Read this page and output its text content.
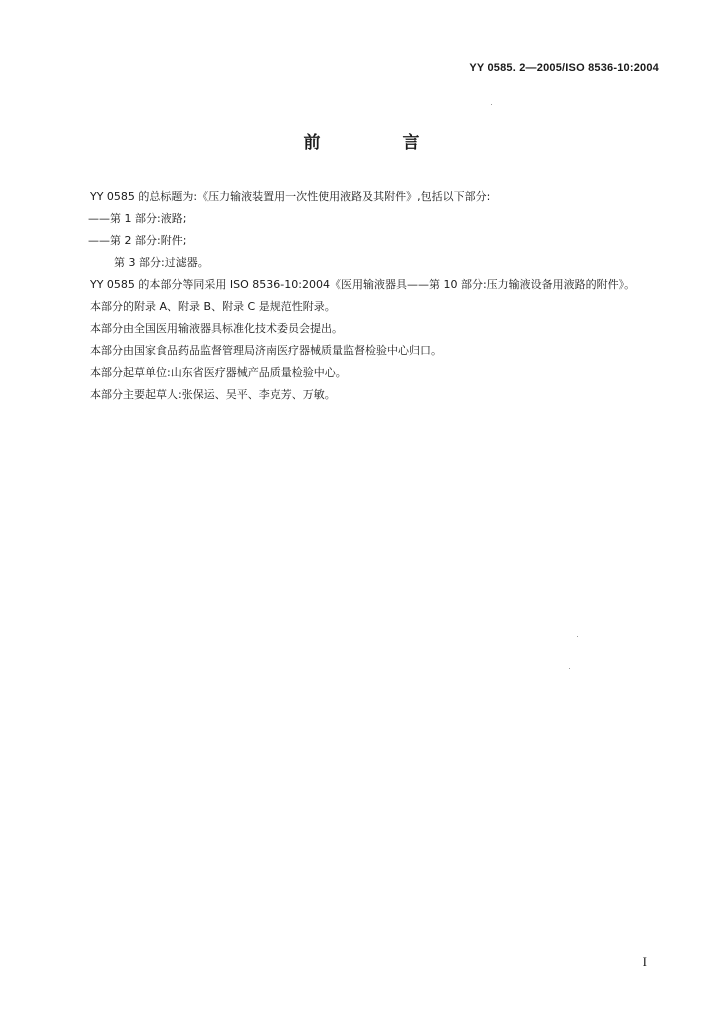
YY 0585. 2—2005/ISO 8536-10:2004
前 言

YY 0585 的总标题为:《压力输液装置用一次性使用液路及其附件》,包括以下部分:

——第 1 部分:液路;

——第 2 部分:附件;

第 3 部分:过滤器。

YY 0585 的本部分等同采用 ISO 8536-10:2004《医用输液器具——第 10 部分:压力输液设备用液路的附件》。

本部分的附录 A、附录 B、附录 C 是规范性附录。

本部分由全国医用输液器具标准化技术委员会提出。

本部分由国家食品药品监督管理局济南医疗器械质量监督检验中心归口。

本部分起草单位:山东省医疗器械产品质量检验中心。

本部分主要起草人:张保运、吴平、李克芳、万敏。

I
